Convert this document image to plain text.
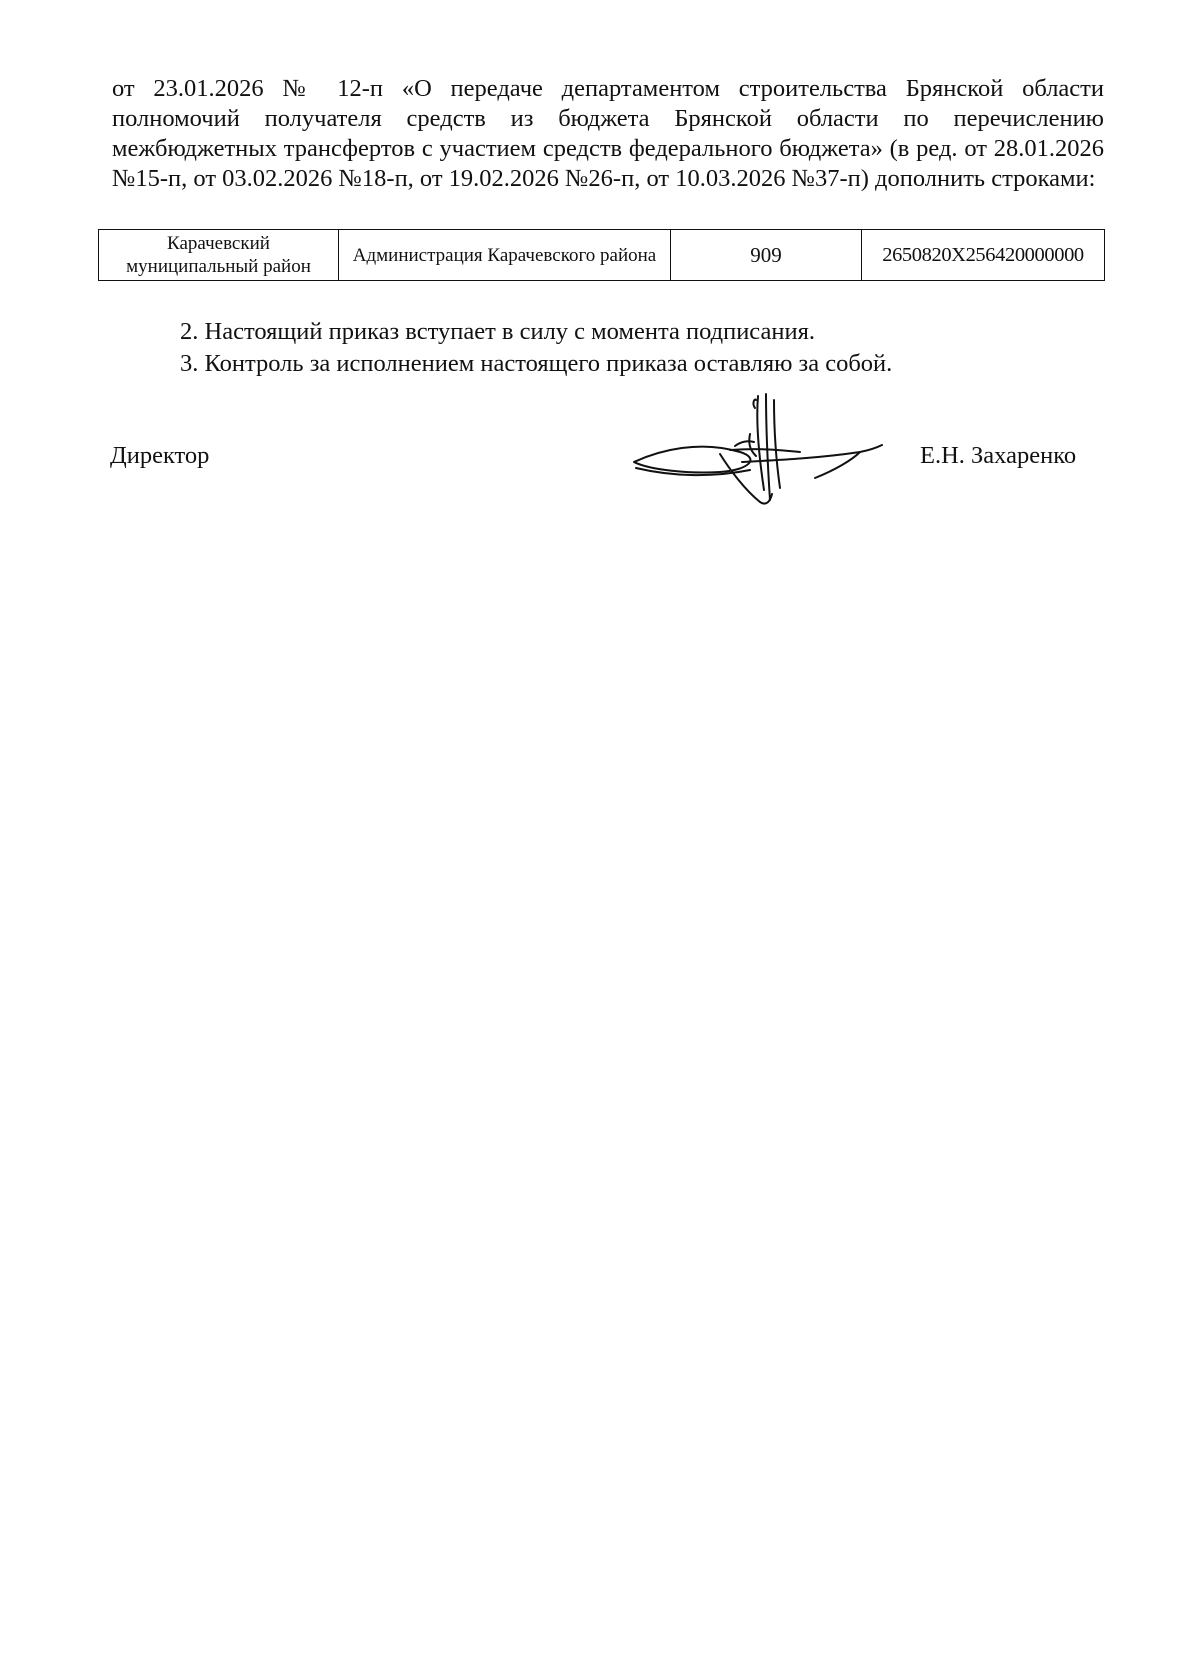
от 23.01.2026 № 12-п «О передаче департаментом строительства Брянской области полномочий получателя средств из бюджета Брянской области по перечислению межбюджетных трансфертов с участием средств федерального бюджета» (в ред. от 28.01.2026 №15-п, от 03.02.2026 №18-п, от 19.02.2026 №26-п, от 10.03.2026 №37-п) дополнить строками:

Карачевский муниципальный район	Администрация Карачевского района	909	2650820X256420000000
2. Настоящий приказ вступает в силу с момента подписания.
3. Контроль за исполнением настоящего приказа оставляю за собой.
Директор	Е.Н. Захаренко
